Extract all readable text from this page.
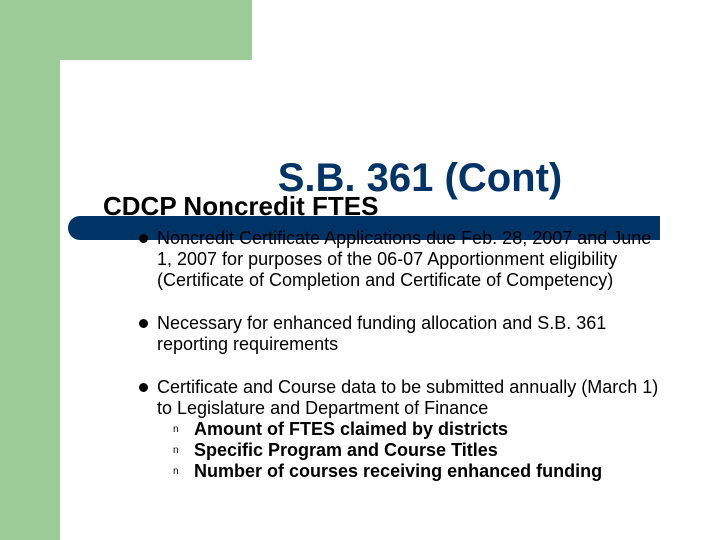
S.B. 361 (Cont)
CDCP Noncredit FTES
Noncredit Certificate Applications due Feb. 28, 2007 and June 1, 2007 for purposes of the 06-07 Apportionment eligibility (Certificate of Completion and Certificate of Competency)
Necessary for enhanced funding allocation and S.B. 361 reporting requirements
Certificate and Course data to be submitted annually (March 1) to Legislature and Department of Finance
n Amount of FTES claimed by districts
n Specific Program and Course Titles
n Number of courses receiving enhanced funding
